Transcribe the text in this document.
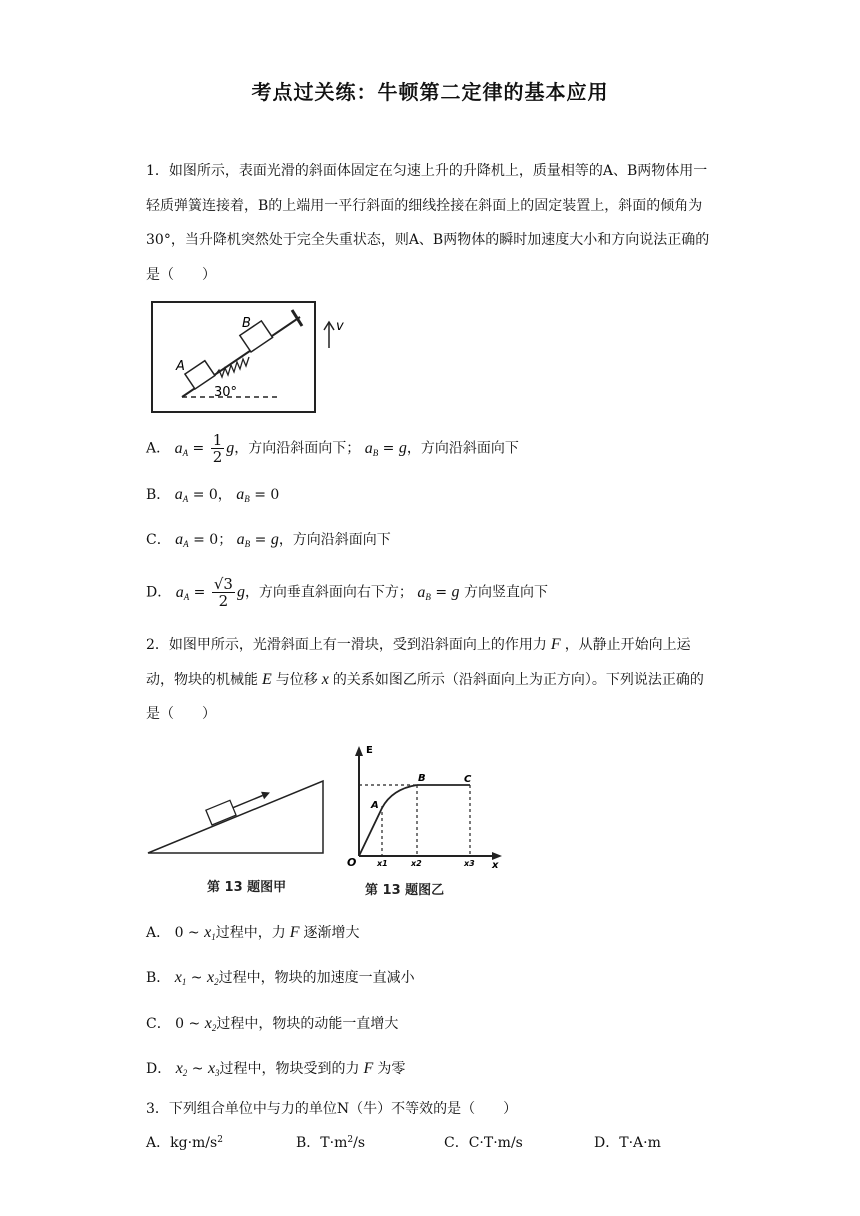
考点过关练：牛顿第二定律的基本应用
1．如图所示，表面光滑的斜面体固定在匀速上升的升降机上，质量相等的A、B两物体用一轻质弹簧连接着，B的上端用一平行斜面的细线拴接在斜面上的固定装置上，斜面的倾角为30°，当升降机突然处于完全失重状态，则A、B两物体的瞬时加速度大小和方向说法正确的是（　　）
A
B
30°
v
A． $a_A = \frac{1}{2}$ g，方向沿斜面向下； $a_B = g$，方向沿斜面向下
B． $a_A = 0$， $a_B = 0$
C． $a_A = 0$； $a_B = g$，方向沿斜面向下
D． $a_A = \frac{√3}{2}$ g，方向垂直斜面向右下方； $a_B = g$ 方向竖直向下
2．如图甲所示，光滑斜面上有一滑块，受到沿斜面向上的作用力 F ，从静止开始向上运动，物块的机械能 E 与位移 x 的关系如图乙所示（沿斜面向上为正方向）。下列说法正确的是（　　）
第 13 题图甲
E
x
O
A
B	C
x1	x2	x3
第 13 题图乙
A． 0 ~ $x_1$过程中，力 F 逐渐增大
B． $x_1$ ~ $x_2$过程中，物块的加速度一直减小
C． 0 ~ $x_2$过程中，物块的动能一直增大
D． $x_2$ ~ $x_3$过程中，物块受到的力 F 为零
3．下列组合单位中与力的单位N（牛）不等效的是（　　）
A．$kg\cdot m/s^2$	B．$T\cdot m^2/s$	C．C·T·m/s	D．T·A·m
